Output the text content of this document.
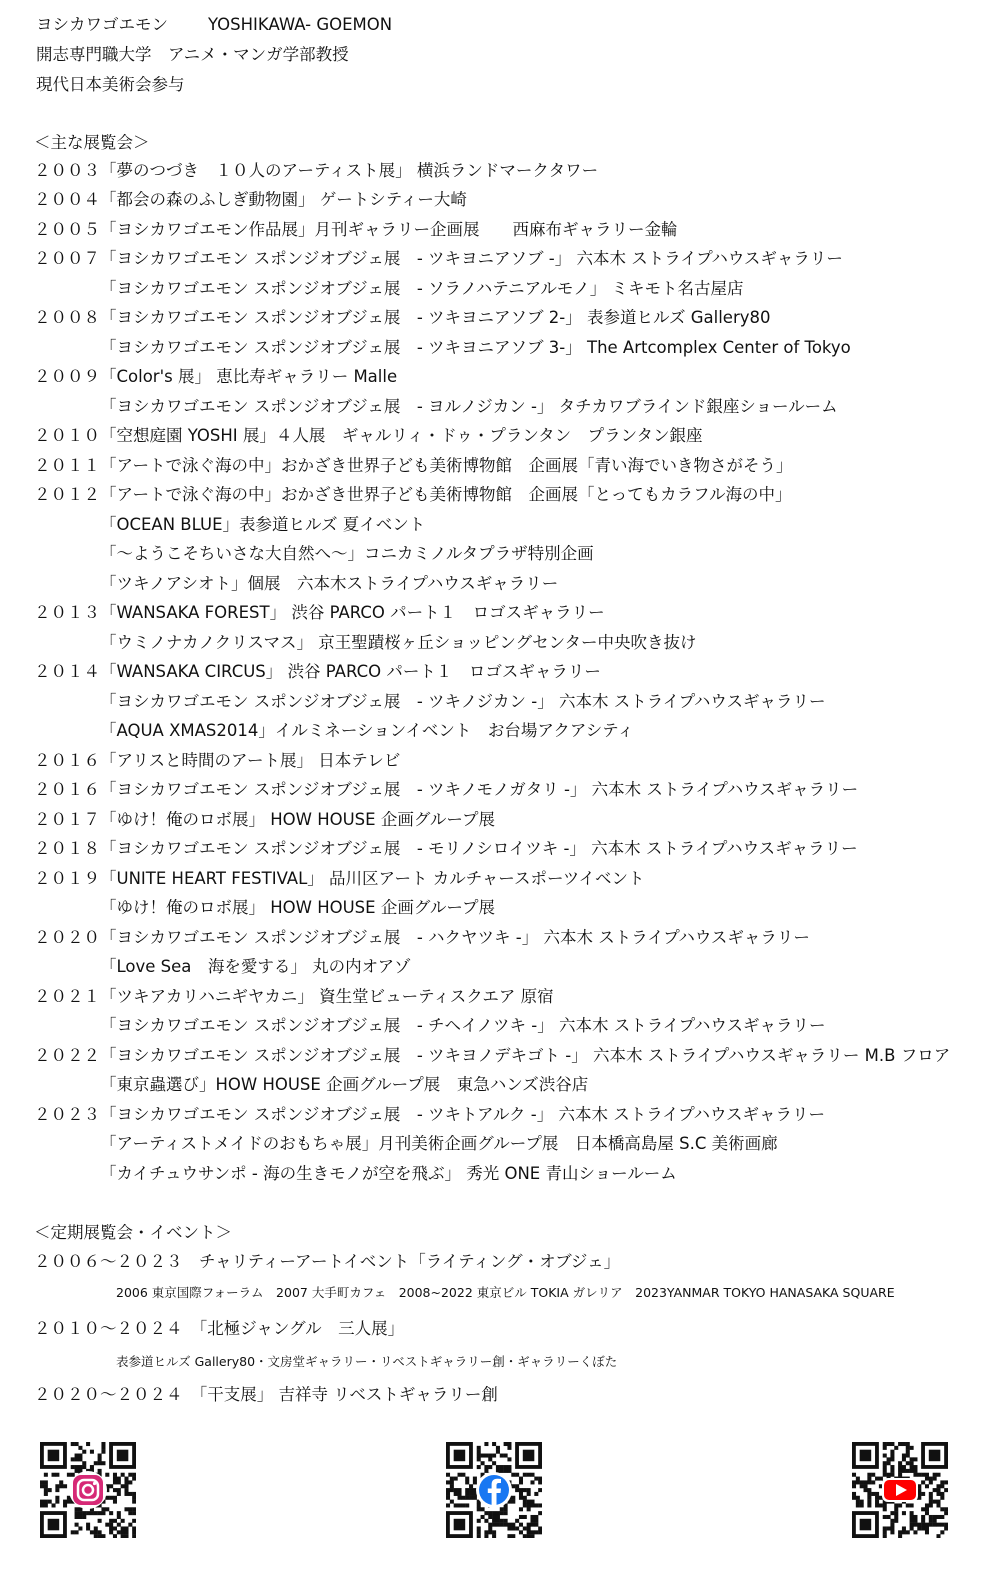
ヨシカワゴエモン YOSHIKAWA- GOEMON
開志専門職大学　アニメ・マンガ学部教授
現代日本美術会参与
＜主な展覧会＞
２００３「夢のつづき　１０人のアーティスト展」 横浜ランドマークタワー
２００４「都会の森のふしぎ動物園」 ゲートシティー大崎
２００５「ヨシカワゴエモン作品展」月刊ギャラリー企画展　　西麻布ギャラリー金輪
２００７「ヨシカワゴエモン スポンジオブジェ展　- ツキヨニアソブ -」 六本木 ストライプハウスギャラリー
「ヨシカワゴエモン スポンジオブジェ展　- ソラノハテニアルモノ」 ミキモト名古屋店
２００８「ヨシカワゴエモン スポンジオブジェ展　- ツキヨニアソブ 2-」 表参道ヒルズ Gallery80
「ヨシカワゴエモン スポンジオブジェ展　- ツキヨニアソブ 3-」 The Artcomplex Center of Tokyo
２００９「Color's 展」 恵比寿ギャラリー Malle
「ヨシカワゴエモン スポンジオブジェ展　- ヨルノジカン -」 タチカワブラインド銀座ショールーム
２０１０「空想庭園 YOSHI 展」４人展　ギャルリィ・ドゥ・プランタン　プランタン銀座
２０１１「アートで泳ぐ海の中」おかざき世界子ども美術博物館　企画展「青い海でいき物さがそう」
２０１２「アートで泳ぐ海の中」おかざき世界子ども美術博物館　企画展「とってもカラフル海の中」
「OCEAN BLUE」表参道ヒルズ 夏イベント
「～ようこそちいさな大自然へ～」コニカミノルタプラザ特別企画
「ツキノアシオト」個展　六本木ストライプハウスギャラリー
２０１３「WANSAKA FOREST」 渋谷 PARCO パート１　ロゴスギャラリー
「ウミノナカノクリスマス」 京王聖蹟桜ヶ丘ショッピングセンター中央吹き抜け
２０１４「WANSAKA CIRCUS」 渋谷 PARCO パート１　ロゴスギャラリー
「ヨシカワゴエモン スポンジオブジェ展　- ツキノジカン -」 六本木 ストライプハウスギャラリー
「AQUA XMAS2014」イルミネーションイベント　お台場アクアシティ
２０１６「アリスと時間のアート展」 日本テレビ
２０１６「ヨシカワゴエモン スポンジオブジェ展　- ツキノモノガタリ -」 六本木 ストライプハウスギャラリー
２０１７「ゆけ！俺のロボ展」 HOW HOUSE 企画グループ展
２０１８「ヨシカワゴエモン スポンジオブジェ展　- モリノシロイツキ -」 六本木 ストライプハウスギャラリー
２０１９「UNITE HEART FESTIVAL」 品川区アート カルチャースポーツイベント
「ゆけ！俺のロボ展」 HOW HOUSE 企画グループ展
２０２０「ヨシカワゴエモン スポンジオブジェ展　- ハクヤツキ -」 六本木 ストライプハウスギャラリー
「Love Sea　海を愛する」 丸の内オアゾ
２０２１「ツキアカリハニギヤカニ」 資生堂ビューティスクエア 原宿
「ヨシカワゴエモン スポンジオブジェ展　- チヘイノツキ -」 六本木 ストライプハウスギャラリー
２０２２「ヨシカワゴエモン スポンジオブジェ展　- ツキヨノデキゴト -」 六本木 ストライプハウスギャラリー M.B フロア
「東京蟲選び」HOW HOUSE 企画グループ展　東急ハンズ渋谷店
２０２３「ヨシカワゴエモン スポンジオブジェ展　- ツキトアルク -」 六本木 ストライプハウスギャラリー
「アーティストメイドのおもちゃ展」月刊美術企画グループ展　日本橋高島屋 S.C 美術画廊
「カイチュウサンポ - 海の生きモノが空を飛ぶ」 秀光 ONE 青山ショールーム
＜定期展覧会・イベント＞
２００６～２０２３　チャリティーアートイベント「ライティング・オブジェ」
2006 東京国際フォーラム　2007 大手町カフェ　2008~2022 東京ビル TOKIA ガレリア　2023YANMAR TOKYO HANASAKA SQUARE
２０１０～２０２４　「北極ジャングル　三人展」
表参道ヒルズ Gallery80・文房堂ギャラリー・リベストギャラリー創・ギャラリーくぼた
２０２０～２０２４　「干支展」 吉祥寺 リベストギャラリー創
